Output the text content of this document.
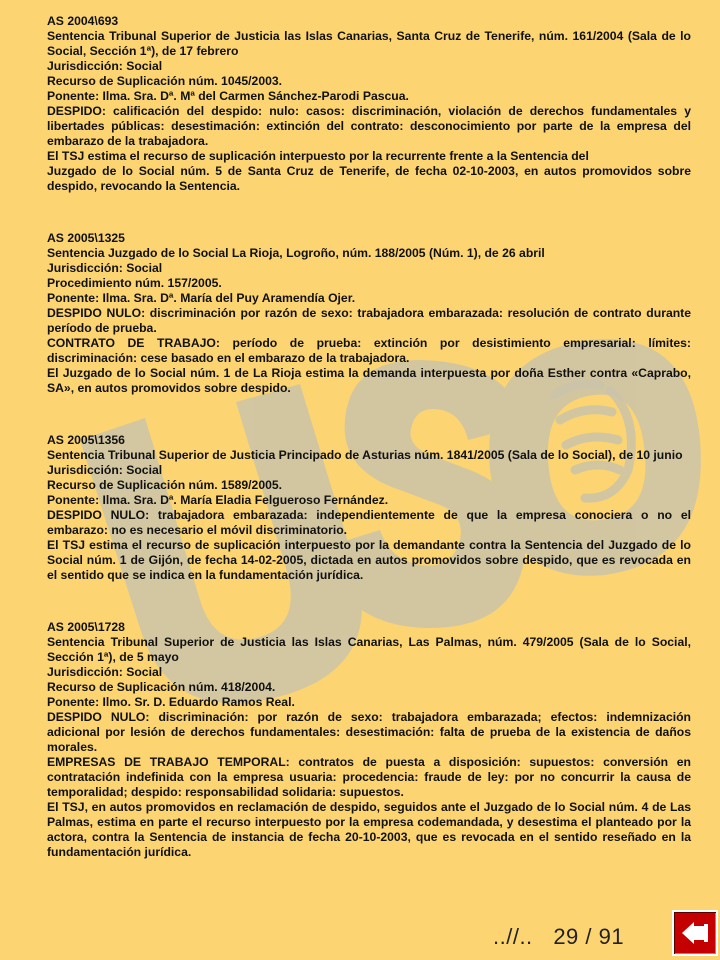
AS 2004\693

Sentencia Tribunal Superior de Justicia las Islas Canarias, Santa Cruz de Tenerife, núm. 161/2004 (Sala de lo Social, Sección 1ª), de 17 febrero

Jurisdicción: Social

Recurso de Suplicación núm. 1045/2003.

Ponente: Ilma. Sra. Dª. Mª del Carmen Sánchez-Parodi Pascua.

DESPIDO: calificación del despido: nulo: casos: discriminación, violación de derechos fundamentales y libertades públicas: desestimación: extinción del contrato: desconocimiento por parte de la empresa del embarazo de la trabajadora.

El TSJ estima el recurso de suplicación interpuesto por la recurrente frente a la Sentencia del

Juzgado de lo Social núm. 5 de Santa Cruz de Tenerife, de fecha 02-10-2003, en autos promovidos sobre despido, revocando la Sentencia.

AS 2005\1325

Sentencia Juzgado de lo Social La Rioja, Logroño, núm. 188/2005 (Núm. 1), de 26 abril

Jurisdicción: Social

Procedimiento núm. 157/2005.

Ponente: Ilma. Sra. Dª. María del Puy Aramendía Ojer.

DESPIDO NULO: discriminación por razón de sexo: trabajadora embarazada: resolución de contrato durante período de prueba.

CONTRATO DE TRABAJO: período de prueba: extinción por desistimiento empresarial: límites: discriminación: cese basado en el embarazo de la trabajadora.

El Juzgado de lo Social núm. 1 de La Rioja estima la demanda interpuesta por doña Esther contra «Caprabo, SA», en autos promovidos sobre despido.

AS 2005\1356

Sentencia Tribunal Superior de Justicia Principado de Asturias núm. 1841/2005 (Sala de lo Social), de 10 junio

Jurisdicción: Social

Recurso de Suplicación núm. 1589/2005.

Ponente: Ilma. Sra. Dª. María Eladia Felgueroso Fernández.

DESPIDO NULO: trabajadora embarazada: independientemente de que la empresa conociera o no el embarazo: no es necesario el móvil discriminatorio.

El TSJ estima el recurso de suplicación interpuesto por la demandante contra la Sentencia del Juzgado de lo Social núm. 1 de Gijón, de fecha 14-02-2005, dictada en autos promovidos sobre despido, que es revocada en el sentido que se indica en la fundamentación jurídica.

AS 2005\1728

Sentencia Tribunal Superior de Justicia las Islas Canarias, Las Palmas, núm. 479/2005 (Sala de lo Social, Sección 1ª), de 5 mayo

Jurisdicción: Social

Recurso de Suplicación núm. 418/2004.

Ponente: Ilmo. Sr. D. Eduardo Ramos Real.

DESPIDO NULO: discriminación: por razón de sexo: trabajadora embarazada; efectos: indemnización adicional por lesión de derechos fundamentales: desestimación: falta de prueba de la existencia de daños morales.

EMPRESAS DE TRABAJO TEMPORAL: contratos de puesta a disposición: supuestos: conversión en contratación indefinida con la empresa usuaria: procedencia: fraude de ley: por no concurrir la causa de temporalidad; despido: responsabilidad solidaria: supuestos.

El TSJ, en autos promovidos en reclamación de despido, seguidos ante el Juzgado de lo Social núm. 4 de Las Palmas, estima en parte el recurso interpuesto por la empresa codemandada, y desestima el planteado por la actora, contra la Sentencia de instancia de fecha 20-10-2003, que es revocada en el sentido reseñado en la fundamentación jurídica.

..//.. 29 / 91
